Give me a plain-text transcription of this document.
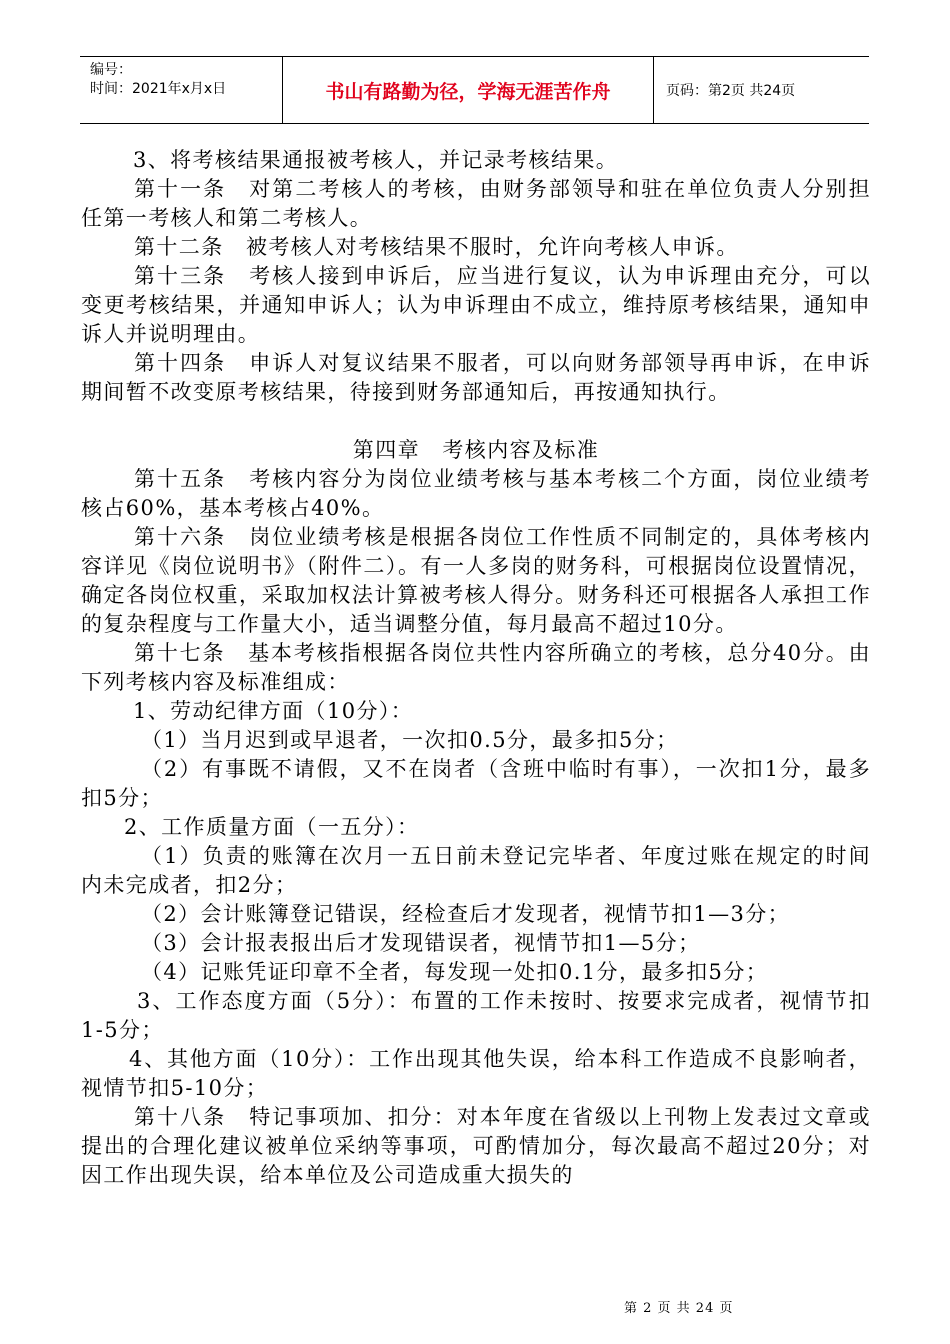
编号：
时间：2021年x月x日	书山有路勤为径，学海无涯苦作舟	页码：第2页 共24页

3、将考核结果通报被考核人，并记录考核结果。

第十一条　对第二考核人的考核，由财务部领导和驻在单位负责人分别担任第一考核人和第二考核人。

第十二条　被考核人对考核结果不服时，允许向考核人申诉。

第十三条　考核人接到申诉后，应当进行复议，认为申诉理由充分，可以变更考核结果，并通知申诉人；认为申诉理由不成立，维持原考核结果，通知申诉人并说明理由。

第十四条　申诉人对复议结果不服者，可以向财务部领导再申诉，在申诉期间暂不改变原考核结果，待接到财务部通知后，再按通知执行。

第四章　考核内容及标准

第十五条　考核内容分为岗位业绩考核与基本考核二个方面，岗位业绩考核占60%，基本考核占40%。

第十六条　岗位业绩考核是根据各岗位工作性质不同制定的，具体考核内容详见《岗位说明书》（附件二）。有一人多岗的财务科，可根据岗位设置情况，确定各岗位权重，采取加权法计算被考核人得分。财务科还可根据各人承担工作的复杂程度与工作量大小，适当调整分值，每月最高不超过10分。

第十七条　基本考核指根据各岗位共性内容所确立的考核，总分40分。由下列考核内容及标准组成：

1、劳动纪律方面（10分）：

（1）当月迟到或早退者，一次扣0.5分，最多扣5分；

（2）有事既不请假，又不在岗者（含班中临时有事），一次扣1分，最多扣5分；

2、工作质量方面（一五分）：

（1）负责的账簿在次月一五日前未登记完毕者、年度过账在规定的时间内未完成者，扣2分；

（2）会计账簿登记错误，经检查后才发现者，视情节扣1—3分；

（3）会计报表报出后才发现错误者，视情节扣1—5分；

（4）记账凭证印章不全者，每发现一处扣0.1分，最多扣5分；

3、工作态度方面（5分）：布置的工作未按时、按要求完成者，视情节扣1-5分；

4、其他方面（10分）：工作出现其他失误，给本科工作造成不良影响者，视情节扣5-10分；

第十八条　特记事项加、扣分：对本年度在省级以上刊物上发表过文章或提出的合理化建议被单位采纳等事项，可酌情加分，每次最高不超过20分；对因工作出现失误，给本单位及公司造成重大损失的

第 2 页 共 24 页
